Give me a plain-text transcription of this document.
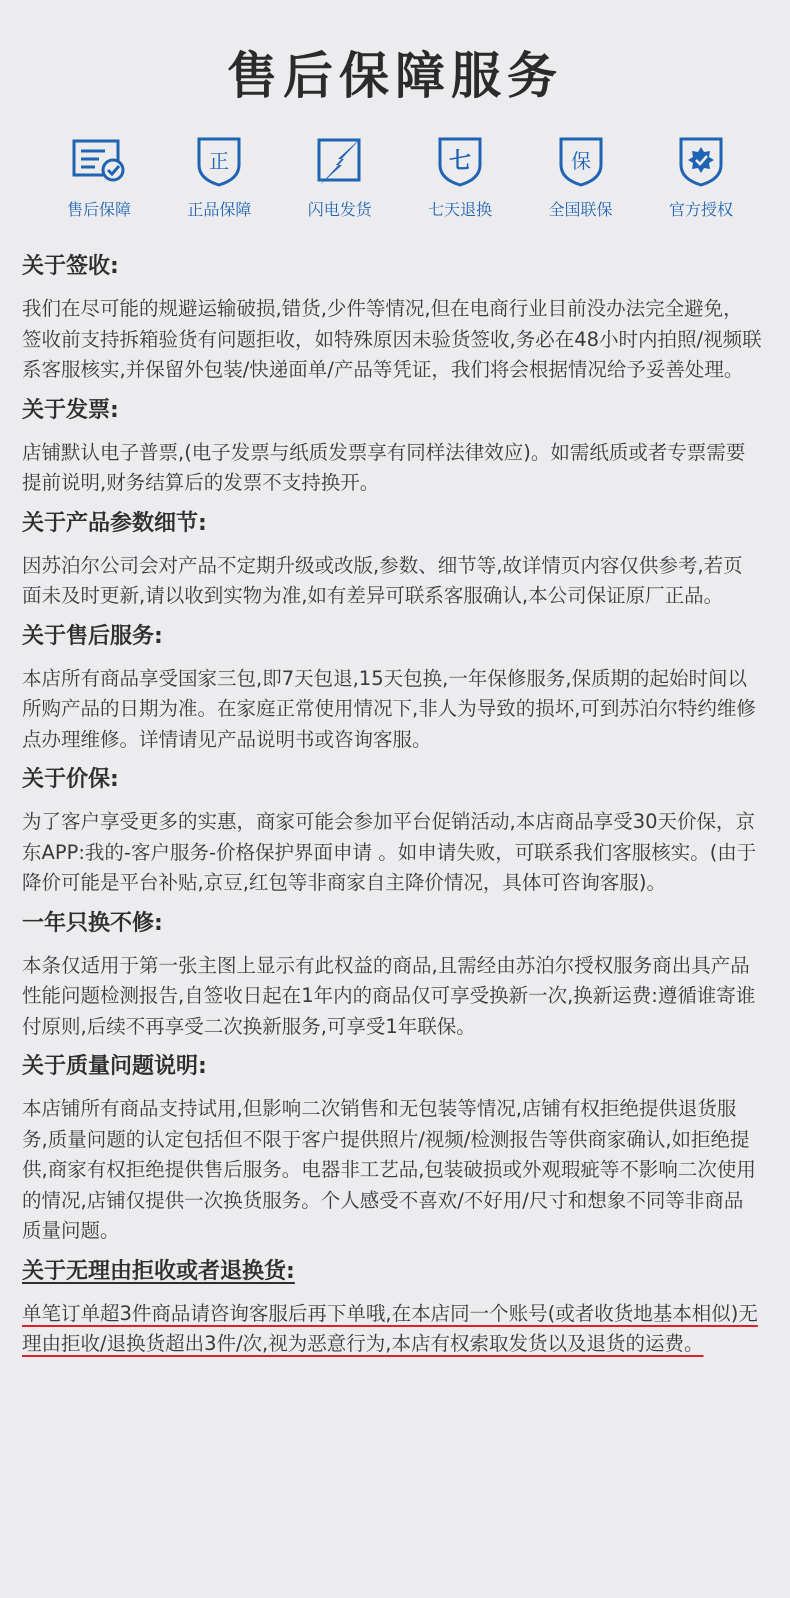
售后保障服务
售后保障
正
正品保障	闪电发货
七
七天退换
保
全国联保	官方授权
关于签收:
我们在尽可能的规避运输破损,错货,少件等情况,但在电商行业目前没办法完全避免，签收前支持拆箱验货有问题拒收，如特殊原因未验货签收,务必在48小时内拍照/视频联系客服核实,并保留外包装/快递面单/产品等凭证，我们将会根据情况给予妥善处理。
关于发票:
店铺默认电子普票,(电子发票与纸质发票享有同样法律效应)。如需纸质或者专票需要提前说明,财务结算后的发票不支持换开。
关于产品参数细节:
因苏泊尔公司会对产品不定期升级或改版,参数、细节等,故详情页内容仅供参考,若页面未及时更新,请以收到实物为准,如有差异可联系客服确认,本公司保证原厂正品。
关于售后服务:
本店所有商品享受国家三包,即7天包退,15天包换,一年保修服务,保质期的起始时间以所购产品的日期为准。在家庭正常使用情况下,非人为导致的损坏,可到苏泊尔特约维修点办理维修。详情请见产品说明书或咨询客服。
关于价保:
为了客户享受更多的实惠，商家可能会参加平台促销活动,本店商品享受30天价保，京东APP:我的-客户服务-价格保护界面申请 。如申请失败，可联系我们客服核实。(由于降价可能是平台补贴,京豆,红包等非商家自主降价情况，具体可咨询客服)。
一年只换不修:
本条仅适用于第一张主图上显示有此权益的商品,且需经由苏泊尔授权服务商出具产品性能问题检测报告,自签收日起在1年内的商品仅可享受换新一次,换新运费:遵循谁寄谁付原则,后续不再享受二次换新服务,可享受1年联保。
关于质量问题说明:
本店铺所有商品支持试用,但影响二次销售和无包装等情况,店铺有权拒绝提供退货服务,质量问题的认定包括但不限于客户提供照片/视频/检测报告等供商家确认,如拒绝提供,商家有权拒绝提供售后服务。电器非工艺品,包装破损或外观瑕疵等不影响二次使用的情况,店铺仅提供一次换货服务。个人感受不喜欢/不好用/尺寸和想象不同等非商品质量问题。
关于无理由拒收或者退换货:
单笔订单超3件商品请咨询客服后再下单哦,在本店同一个账号(或者收货地基本相似)无理由拒收/退换货超出3件/次,视为恶意行为,本店有权索取发货以及退货的运费。
